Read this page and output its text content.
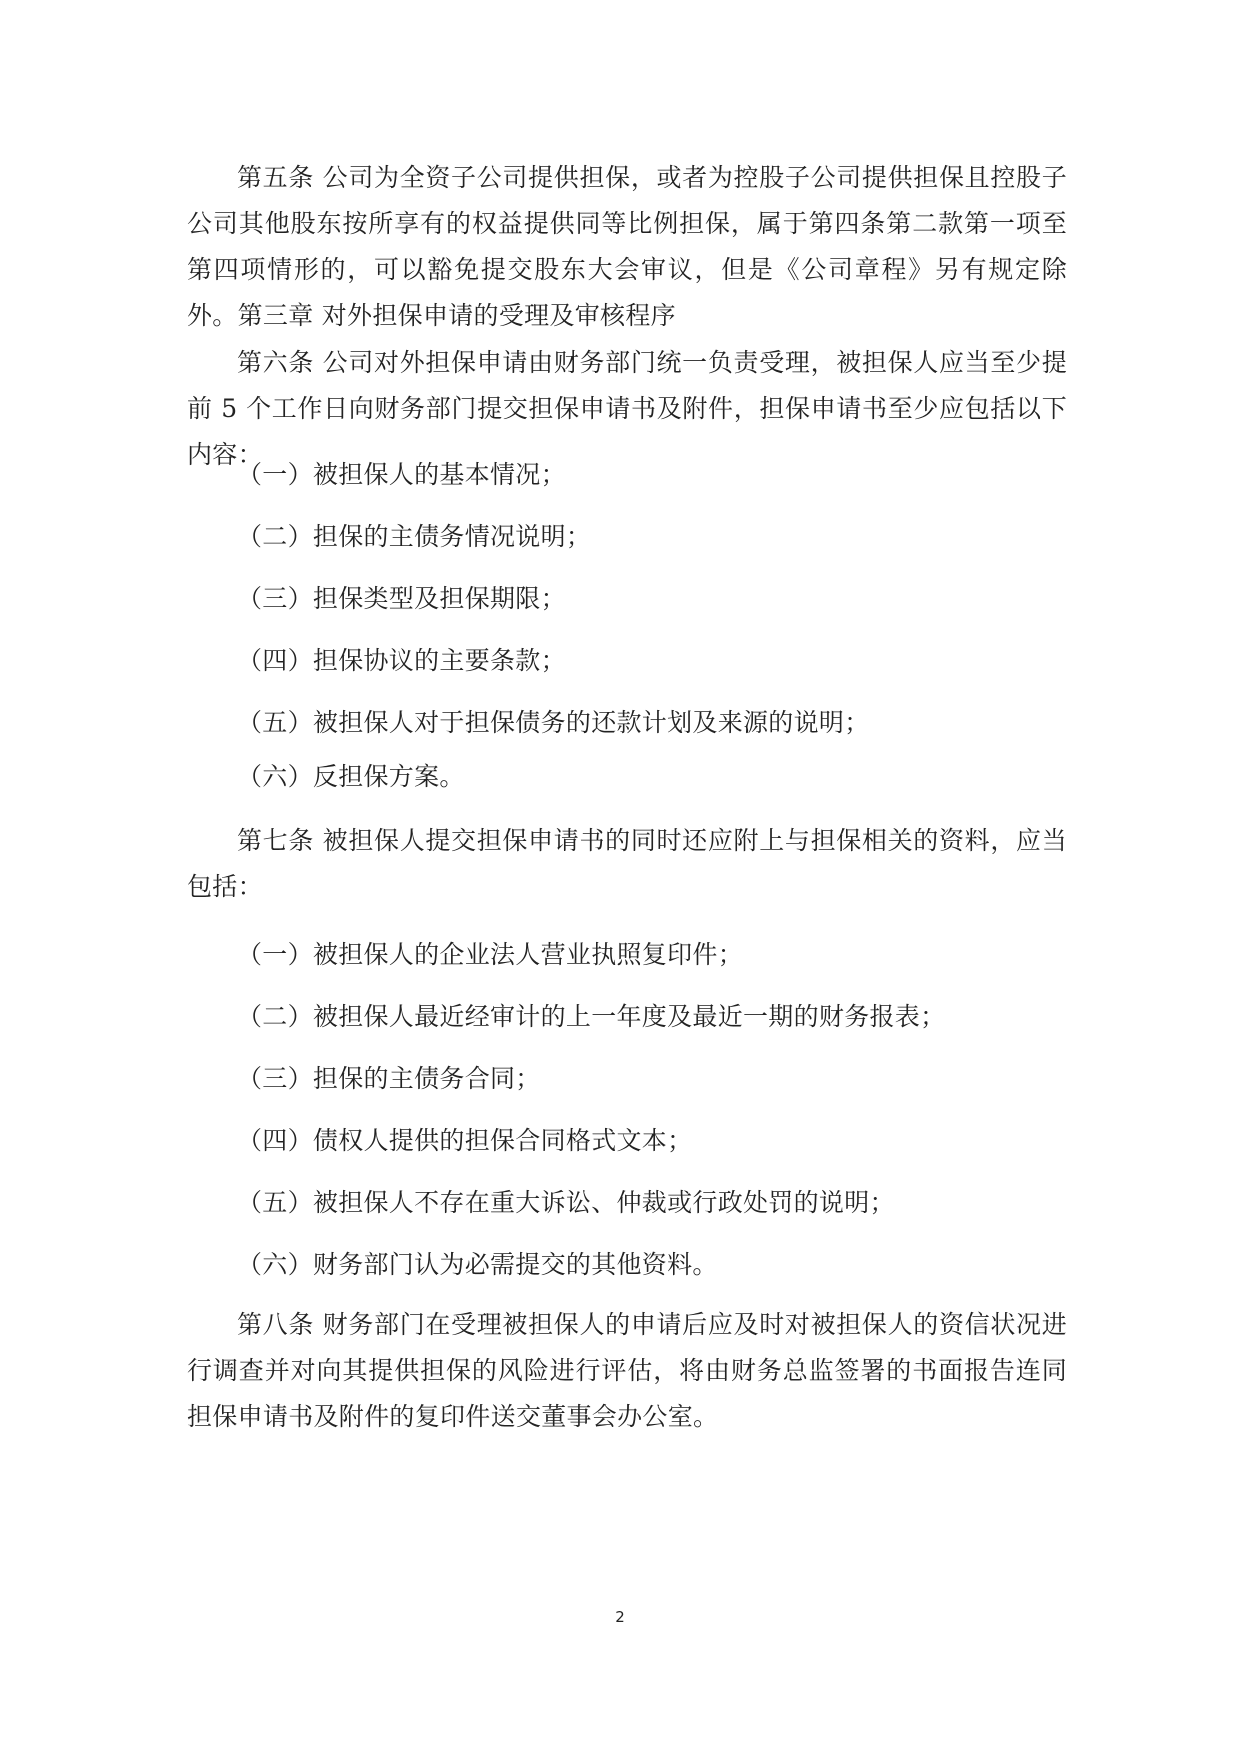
第五条 公司为全资子公司提供担保，或者为控股子公司提供担保且控股子公司其他股东按所享有的权益提供同等比例担保，属于第四条第二款第一项至第四项情形的，可以豁免提交股东大会审议，但是《公司章程》另有规定除外。第三章 对外担保申请的受理及审核程序

第六条 公司对外担保申请由财务部门统一负责受理，被担保人应当至少提前 5 个工作日向财务部门提交担保申请书及附件，担保申请书至少应包括以下内容：

（一）被担保人的基本情况；

（二）担保的主债务情况说明；

（三）担保类型及担保期限；

（四）担保协议的主要条款；

（五）被担保人对于担保债务的还款计划及来源的说明；

（六）反担保方案。

第七条 被担保人提交担保申请书的同时还应附上与担保相关的资料，应当包括：

（一）被担保人的企业法人营业执照复印件；

（二）被担保人最近经审计的上一年度及最近一期的财务报表；

（三）担保的主债务合同；

（四）债权人提供的担保合同格式文本；

（五）被担保人不存在重大诉讼、仲裁或行政处罚的说明；

（六）财务部门认为必需提交的其他资料。

第八条 财务部门在受理被担保人的申请后应及时对被担保人的资信状况进行调查并对向其提供担保的风险进行评估，将由财务总监签署的书面报告连同担保申请书及附件的复印件送交董事会办公室。

2
